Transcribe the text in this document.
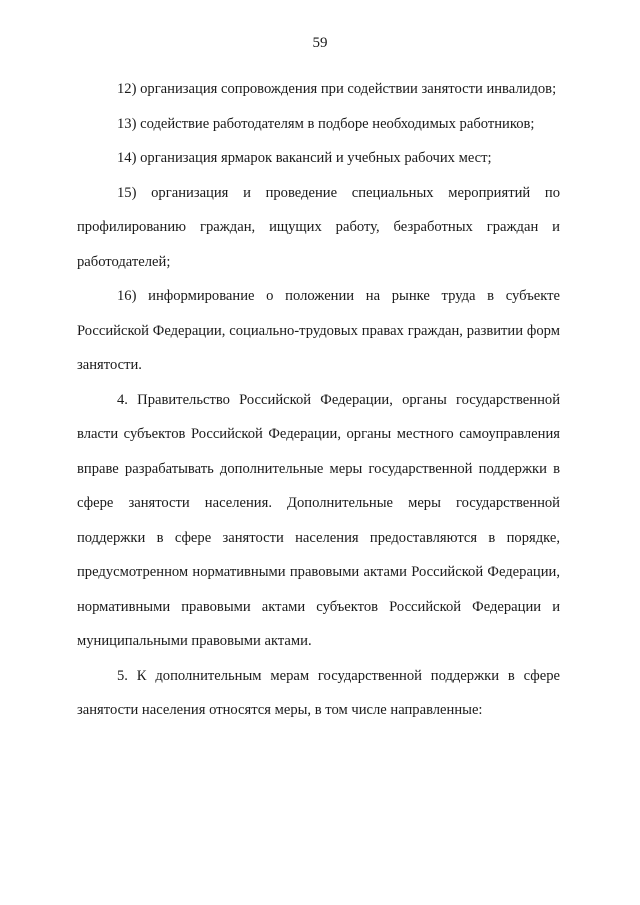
59

12) организация сопровождения при содействии занятости инвалидов;

13) содействие работодателям в подборе необходимых работников;

14) организация ярмарок вакансий и учебных рабочих мест;

15) организация и проведение специальных мероприятий по профилированию граждан, ищущих работу, безработных граждан и работодателей;

16) информирование о положении на рынке труда в субъекте Российской Федерации, социально-трудовых правах граждан, развитии форм занятости.

4. Правительство Российской Федерации, органы государственной власти субъектов Российской Федерации, органы местного самоуправления вправе разрабатывать дополнительные меры государственной поддержки в сфере занятости населения. Дополнительные меры государственной поддержки в сфере занятости населения предоставляются в порядке, предусмотренном нормативными правовыми актами Российской Федерации, нормативными правовыми актами субъектов Российской Федерации и муниципальными правовыми актами.

5. К дополнительным мерам государственной поддержки в сфере занятости населения относятся меры, в том числе направленные:
